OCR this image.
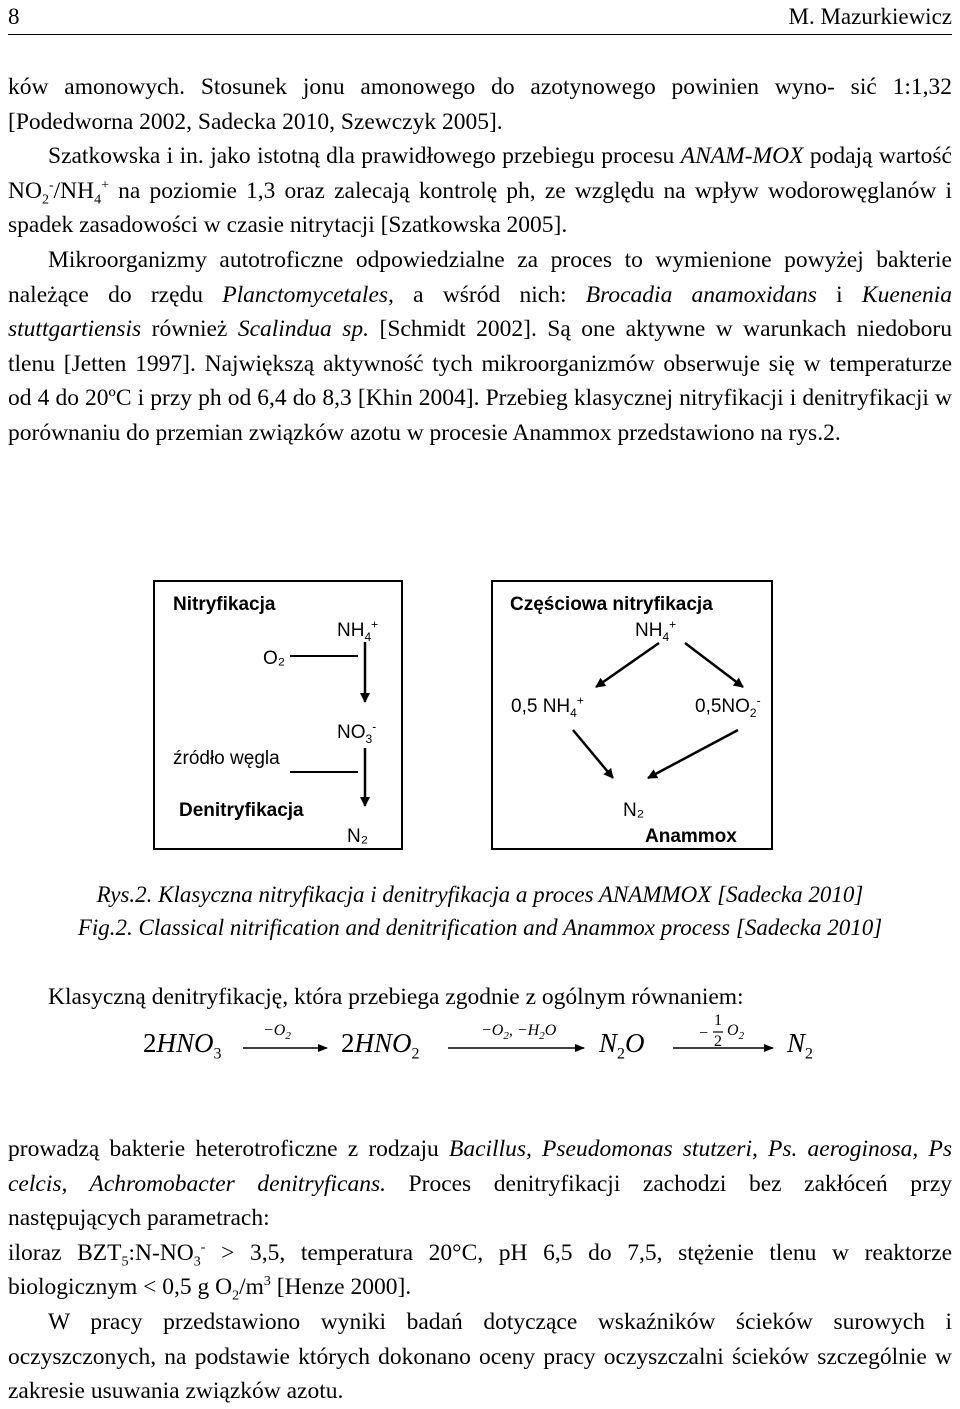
8	M. Mazurkiewicz

ków amonowych. Stosunek jonu amonowego do azotynowego powinien wyno- sić 1:1,32 [Podedworna 2002, Sadecka 2010, Szewczyk 2005].

Szatkowska i in. jako istotną dla prawidłowego przebiegu procesu ANAM-MOX podają wartość $NO_2^-/NH_4^+$ na poziomie 1,3 oraz zalecają kontrolę ph, ze względu na wpływ wodorowęglanów i spadek zasadowości w czasie nitrytacji [Szatkowska 2005].

Mikroorganizmy autotroficzne odpowiedzialne za proces to wymienione powyżej bakterie należące do rzędu Planctomycetales, a wśród nich: Brocadia anamoxidans i Kuenenia stuttgartiensis również Scalindua sp. [Schmidt 2002]. Są one aktywne w warunkach niedoboru tlenu [Jetten 1997]. Największą aktywność tych mikroorganizmów obserwuje się w temperaturze od 4 do 20ºC i przy ph od 6,4 do 8,3 [Khin 2004]. Przebieg klasycznej nitryfikacji i denitryfikacji w porównaniu do przemian związków azotu w procesie Anammox przedstawiono na rys.2.

Nitryfikacja
$NH_4^+$
O₂
$NO_3^-$
źródło węgla
Denitryfikacja
N₂
Częściowa nitryfikacja
$NH_4^+$
0,5 $NH_4^+$	$0,5NO_2^-$
N₂
Anammox
Rys.2. Klasyczna nitryfikacja i denitryfikacja a proces ANAMMOX [Sadecka 2010]
Fig.2. Classical nitrification and denitrification and Anammox process [Sadecka 2010]

Klasyczną denitryfikację, która przebiega zgodnie z ogólnym równaniem:

$2HNO_3$
$-O_2$ $2HNO_2$
$-O_2$, $-H_2O$ $N_2O$	−
1
2
$O_2$ $N_2$

prowadzą bakterie heterotroficzne z rodzaju Bacillus, Pseudomonas stutzeri, Ps. aeroginosa, Ps celcis, Achromobacter denitryficans. Proces denitryfikacji zachodzi bez zakłóceń przy następujących parametrach:

iloraz $BZT_5:N-NO_3^- > 3,5$, temperatura 20°C, pH 6,5 do 7,5, stężenie tlenu w reaktorze biologicznym < 0,5 g $O_2/m^3$ [Henze 2000].

W pracy przedstawiono wyniki badań dotyczące wskaźników ścieków surowych i oczyszczonych, na podstawie których dokonano oceny pracy oczyszczalni ścieków szczególnie w zakresie usuwania związków azotu.
